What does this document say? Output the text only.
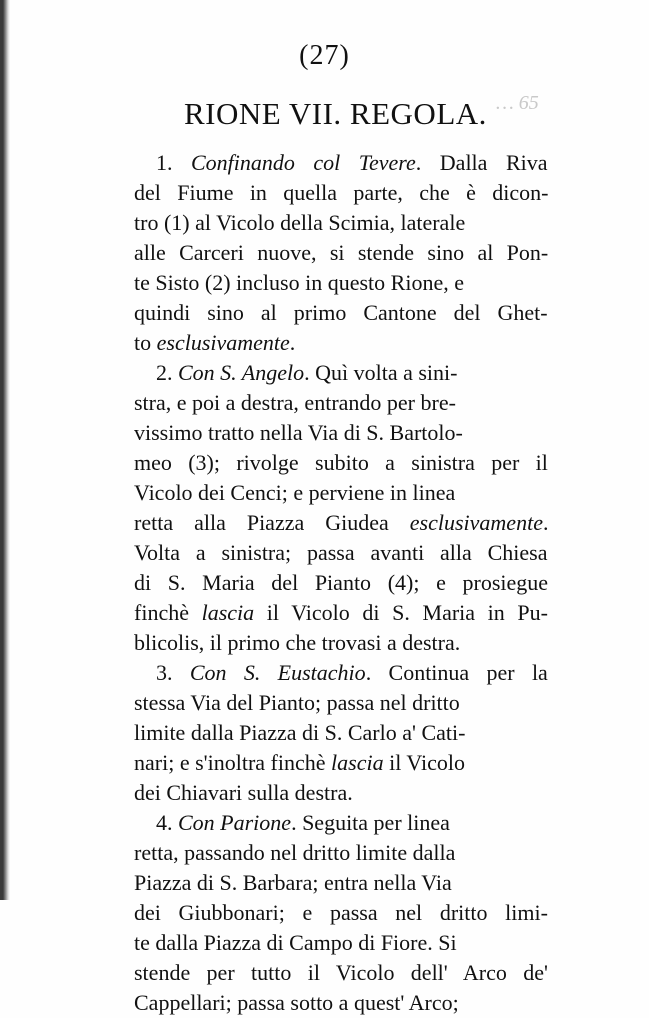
(27)
RIONE VII. REGOLA. … 65
1. Confinando col Tevere. Dalla Riva
del Fiume in quella parte, che è dicon-
tro (1) al Vicolo della Scimia, laterale
alle Carceri nuove, si stende sino al Pon-
te Sisto (2) incluso in questo Rione, e
quindi sino al primo Cantone del Ghet-
to esclusivamente.
2. Con S. Angelo. Quì volta a sini-
stra, e poi a destra, entrando per bre-
vissimo tratto nella Via di S. Bartolo-
meo (3); rivolge subito a sinistra per il
Vicolo dei Cenci; e perviene in linea
retta alla Piazza Giudea esclusivamente.
Volta a sinistra; passa avanti alla Chiesa
di S. Maria del Pianto (4); e prosiegue
finchè lascia il Vicolo di S. Maria in Pu-
blicolis, il primo che trovasi a destra.
3. Con S. Eustachio. Continua per la
stessa Via del Pianto; passa nel dritto
limite dalla Piazza di S. Carlo a' Cati-
nari; e s'inoltra finchè lascia il Vicolo
dei Chiavari sulla destra.
4. Con Parione. Seguita per linea
retta, passando nel dritto limite dalla
Piazza di S. Barbara; entra nella Via
dei Giubbonari; e passa nel dritto limi-
te dalla Piazza di Campo di Fiore. Si
stende per tutto il Vicolo dell' Arco de'
Cappellari; passa sotto a quest' Arco;
